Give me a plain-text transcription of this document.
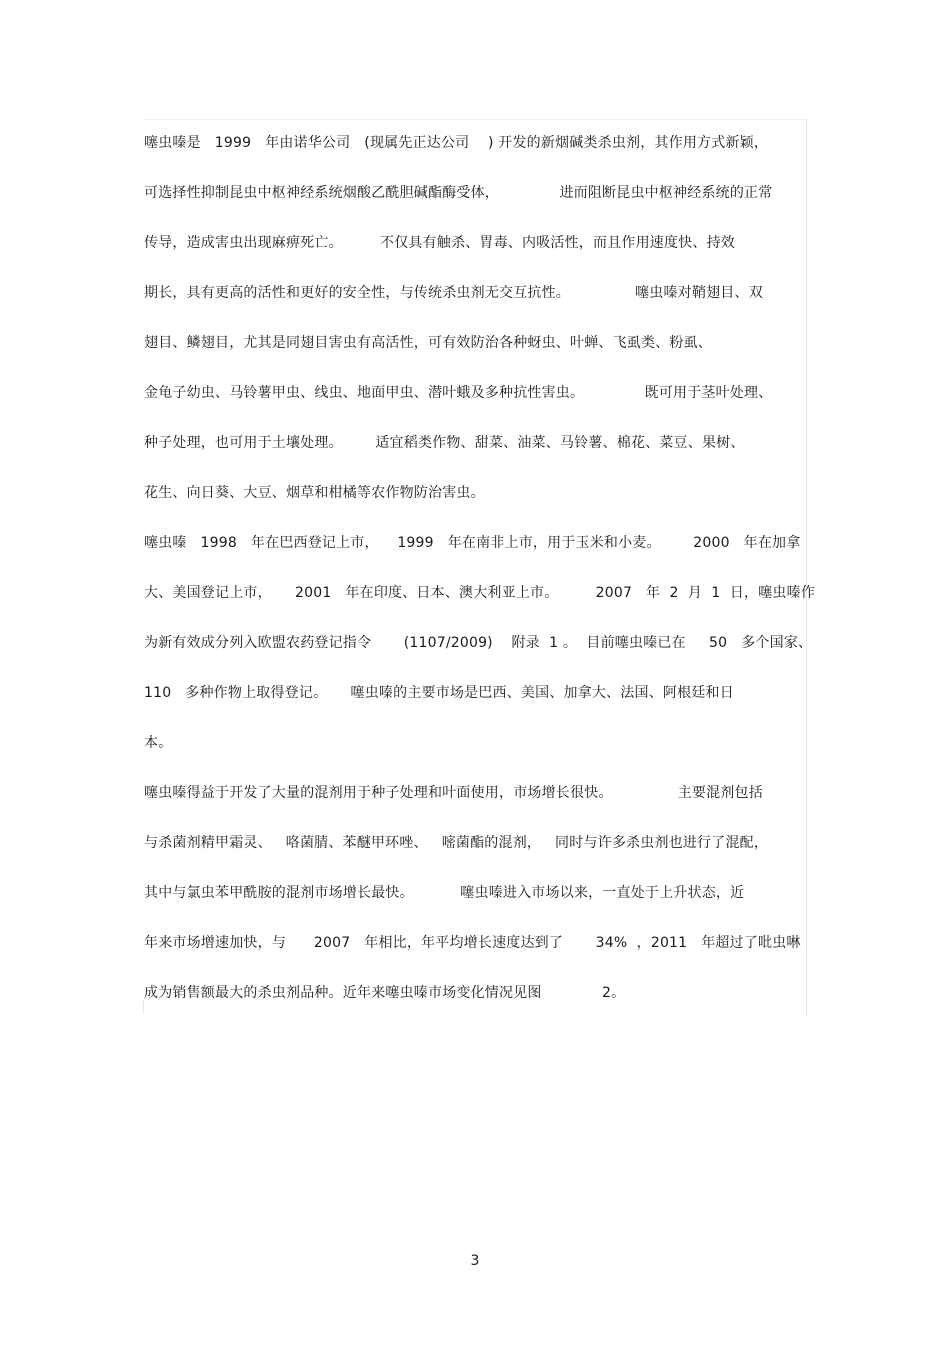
噻虫嗪是   1999   年由诺华公司   (现属先正达公司    ) 开发的新烟碱类杀虫剂，其作用方式新颖，
可选择性抑制昆虫中枢神经系统烟酸乙酰胆碱酯酶受体，             进而阻断昆虫中枢神经系统的正常
传导，造成害虫出现麻痹死亡。        不仅具有触杀、胃毒、内吸活性，而且作用速度快、持效
期长，具有更高的活性和更好的安全性，与传统杀虫剂无交互抗性。              噻虫嗪对鞘翅目、双
翅目、鳞翅目，尤其是同翅目害虫有高活性，可有效防治各种蚜虫、叶蝉、飞虱类、粉虱、
金龟子幼虫、马铃薯甲虫、线虫、地面甲虫、潜叶蛾及多种抗性害虫。             既可用于茎叶处理、
种子处理，也可用于土壤处理。       适宜稻类作物、甜菜、油菜、马铃薯、棉花、菜豆、果树、
花生、向日葵、大豆、烟草和柑橘等农作物防治害虫。
噻虫嗪   1998   年在巴西登记上市，    1999   年在南非上市，用于玉米和小麦。       2000   年在加拿
大、美国登记上市，     2001   年在印度、日本、澳大利亚上市。        2007   年  2  月  1  日，噻虫嗪作
为新有效成分列入欧盟农药登记指令       (1107/2009)    附录  1 。  目前噻虫嗪已在     50   多个国家、
110   多种作物上取得登记。     噻虫嗪的主要市场是巴西、美国、加拿大、法国、阿根廷和日
本。
噻虫嗪得益于开发了大量的混剂用于种子处理和叶面使用，市场增长很快。              主要混剂包括
与杀菌剂精甲霜灵、   咯菌腈、苯醚甲环唑、   嘧菌酯的混剂，   同时与许多杀虫剂也进行了混配，
其中与氯虫苯甲酰胺的混剂市场增长最快。          噻虫嗪进入市场以来，一直处于上升状态，近
年来市场增速加快，与      2007   年相比，年平均增长速度达到了       34%  ，2011   年超过了吡虫啉
成为销售额最大的杀虫剂品种。近年来噻虫嗪市场变化情况见图             2。
3
